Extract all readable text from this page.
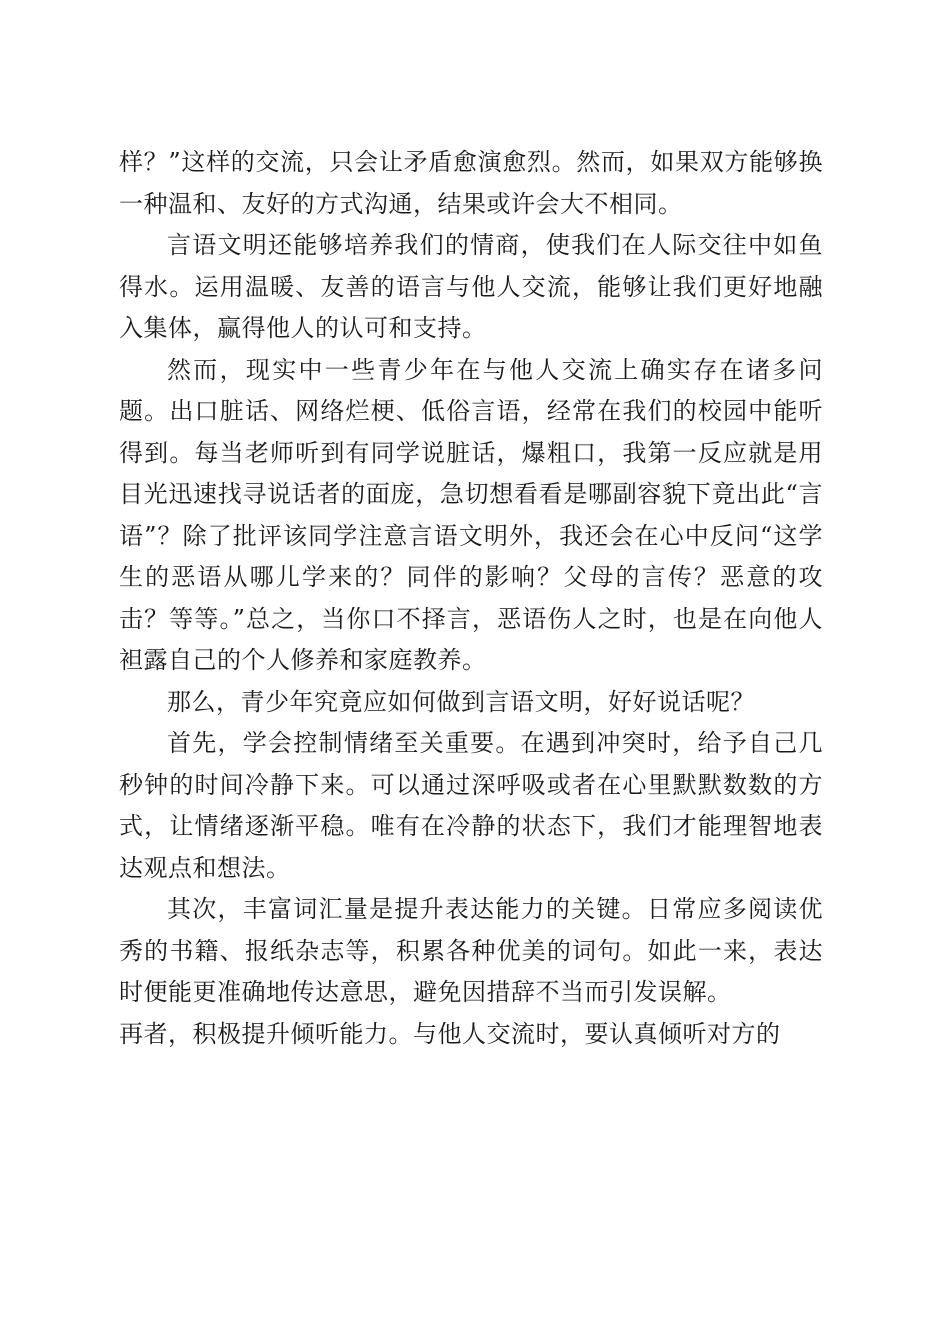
样？”这样的交流，只会让矛盾愈演愈烈。然而，如果双方能够换一种温和、友好的方式沟通，结果或许会大不相同。

言语文明还能够培养我们的情商，使我们在人际交往中如鱼得水。运用温暖、友善的语言与他人交流，能够让我们更好地融入集体，赢得他人的认可和支持。

然而，现实中一些青少年在与他人交流上确实存在诸多问题。出口脏话、网络烂梗、低俗言语，经常在我们的校园中能听得到。每当老师听到有同学说脏话，爆粗口，我第一反应就是用目光迅速找寻说话者的面庞，急切想看看是哪副容貌下竟出此“言语”？除了批评该同学注意言语文明外，我还会在心中反问“这学生的恶语从哪儿学来的？同伴的影响？父母的言传？恶意的攻击？等等。”总之，当你口不择言，恶语伤人之时，也是在向他人袒露自己的个人修养和家庭教养。

那么，青少年究竟应如何做到言语文明，好好说话呢？

首先，学会控制情绪至关重要。在遇到冲突时，给予自己几秒钟的时间冷静下来。可以通过深呼吸或者在心里默默数数的方式，让情绪逐渐平稳。唯有在冷静的状态下，我们才能理智地表达观点和想法。

其次，丰富词汇量是提升表达能力的关键。日常应多阅读优秀的书籍、报纸杂志等，积累各种优美的词句。如此一来，表达时便能更准确地传达意思，避免因措辞不当而引发误解。

再者，积极提升倾听能力。与他人交流时，要认真倾听对方的
